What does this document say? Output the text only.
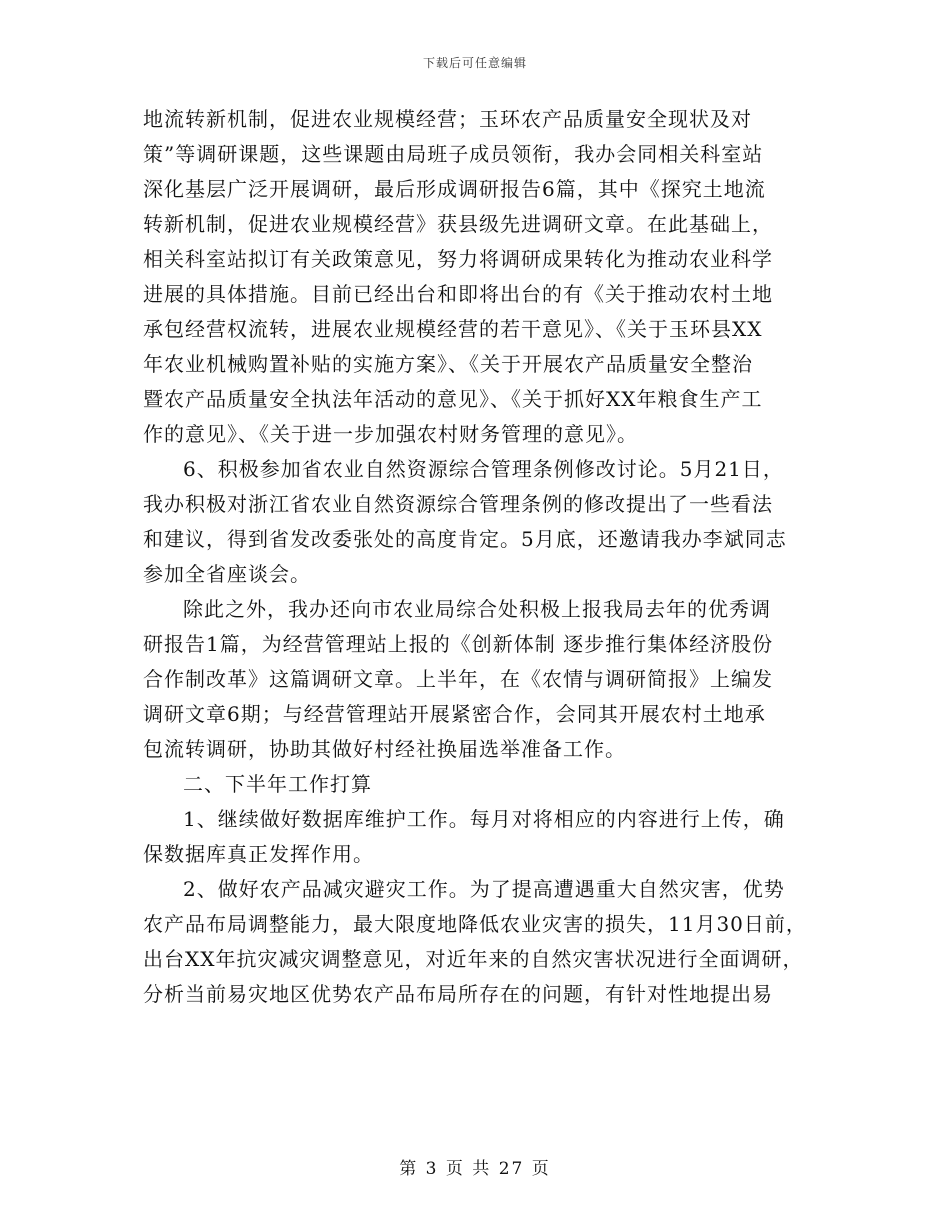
下载后可任意编辑
地流转新机制，促进农业规模经营；玉环农产品质量安全现状及对
策”等调研课题，这些课题由局班子成员领衔，我办会同相关科室站
深化基层广泛开展调研，最后形成调研报告6篇，其中《探究土地流
转新机制，促进农业规模经营》获县级先进调研文章。在此基础上，
相关科室站拟订有关政策意见，努力将调研成果转化为推动农业科学
进展的具体措施。目前已经出台和即将出台的有《关于推动农村土地
承包经营权流转，进展农业规模经营的若干意见》、《关于玉环县XX
年农业机械购置补贴的实施方案》、《关于开展农产品质量安全整治
暨农产品质量安全执法年活动的意见》、《关于抓好XX年粮食生产工
作的意见》、《关于进一步加强农村财务管理的意见》。
6、积极参加省农业自然资源综合管理条例修改讨论。5月21日，
我办积极对浙江省农业自然资源综合管理条例的修改提出了一些看法
和建议，得到省发改委张处的高度肯定。5月底，还邀请我办李斌同志
参加全省座谈会。
除此之外，我办还向市农业局综合处积极上报我局去年的优秀调
研报告1篇，为经营管理站上报的《创新体制 逐步推行集体经济股份
合作制改革》这篇调研文章。上半年，在《农情与调研简报》上编发
调研文章6期；与经营管理站开展紧密合作，会同其开展农村土地承
包流转调研，协助其做好村经社换届选举准备工作。
二、下半年工作打算
1、继续做好数据库维护工作。每月对将相应的内容进行上传，确
保数据库真正发挥作用。
2、做好农产品减灾避灾工作。为了提高遭遇重大自然灾害，优势
农产品布局调整能力，最大限度地降低农业灾害的损失，11月30日前，
出台XX年抗灾减灾调整意见，对近年来的自然灾害状况进行全面调研，
分析当前易灾地区优势农产品布局所存在的问题，有针对性地提出易
第 3 页 共 27 页
